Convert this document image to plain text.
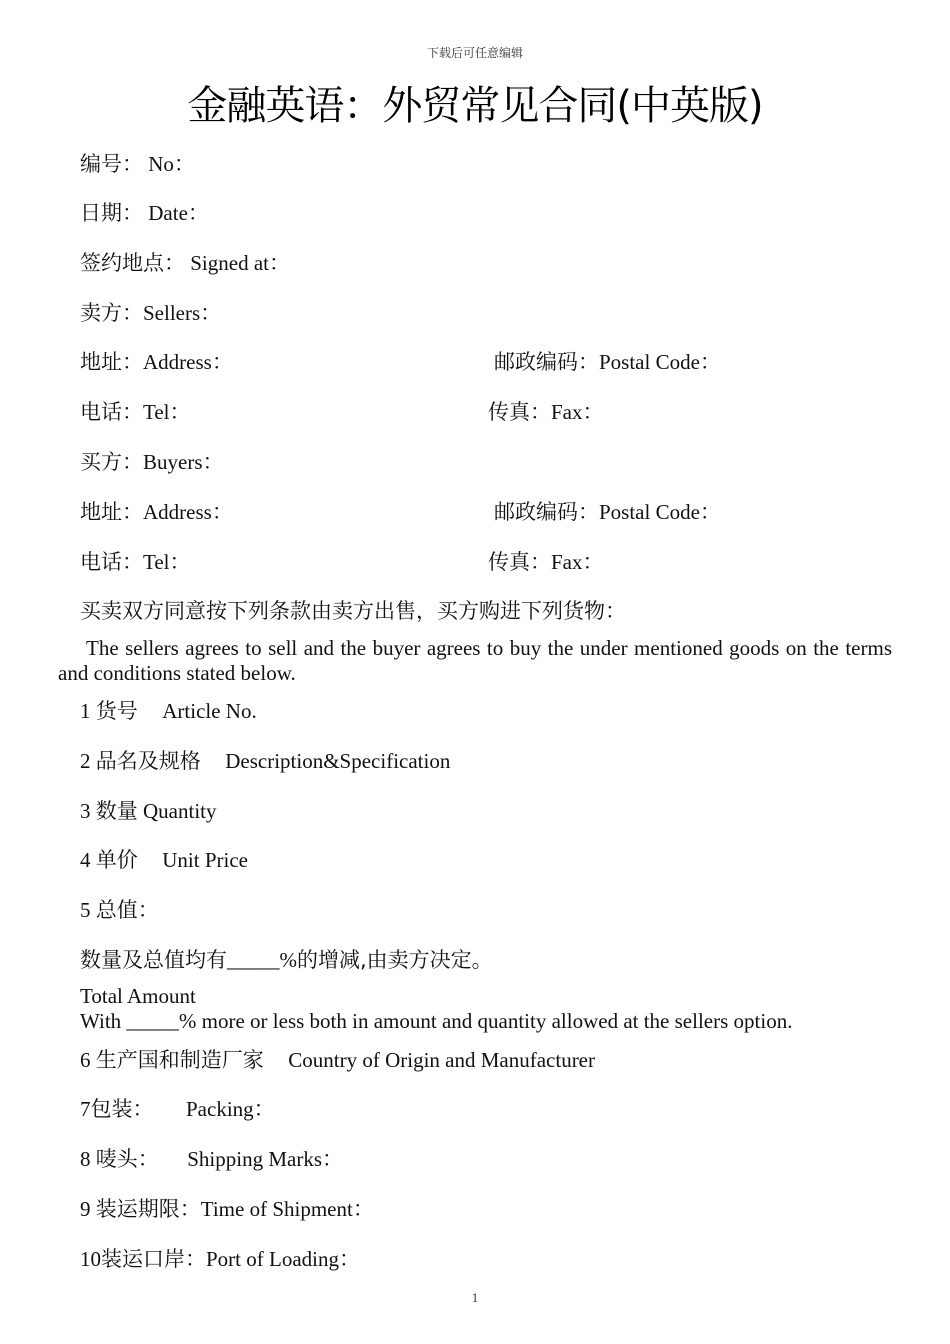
下载后可任意编辑
金融英语：外贸常见合同(中英版)
编号： No：
日期： Date：
签约地点： Signed at：
卖方：Sellers：
地址：Address：	邮政编码：Postal Code：
电话：Tel：	传真：Fax：
买方：Buyers：
地址：Address：	邮政编码：Postal Code：
电话：Tel：	传真：Fax：
买卖双方同意按下列条款由卖方出售，买方购进下列货物：
The sellers agrees to sell and the buyer agrees to buy the under mentioned goods on the terms and conditions stated below.
1 货号 Article No.
2 品名及规格 Description&Specification
3 数量 Quantity
4 单价 Unit Price
5 总值：
数量及总值均有_____%的增减,由卖方决定。
Total Amount
With _____% more or less both in amount and quantity allowed at the sellers option.
6 生产国和制造厂家 Country of Origin and Manufacturer
7包装： Packing：
8 唛头： Shipping Marks：
9 装运期限：Time of Shipment：
10装运口岸：Port of Loading：
1
